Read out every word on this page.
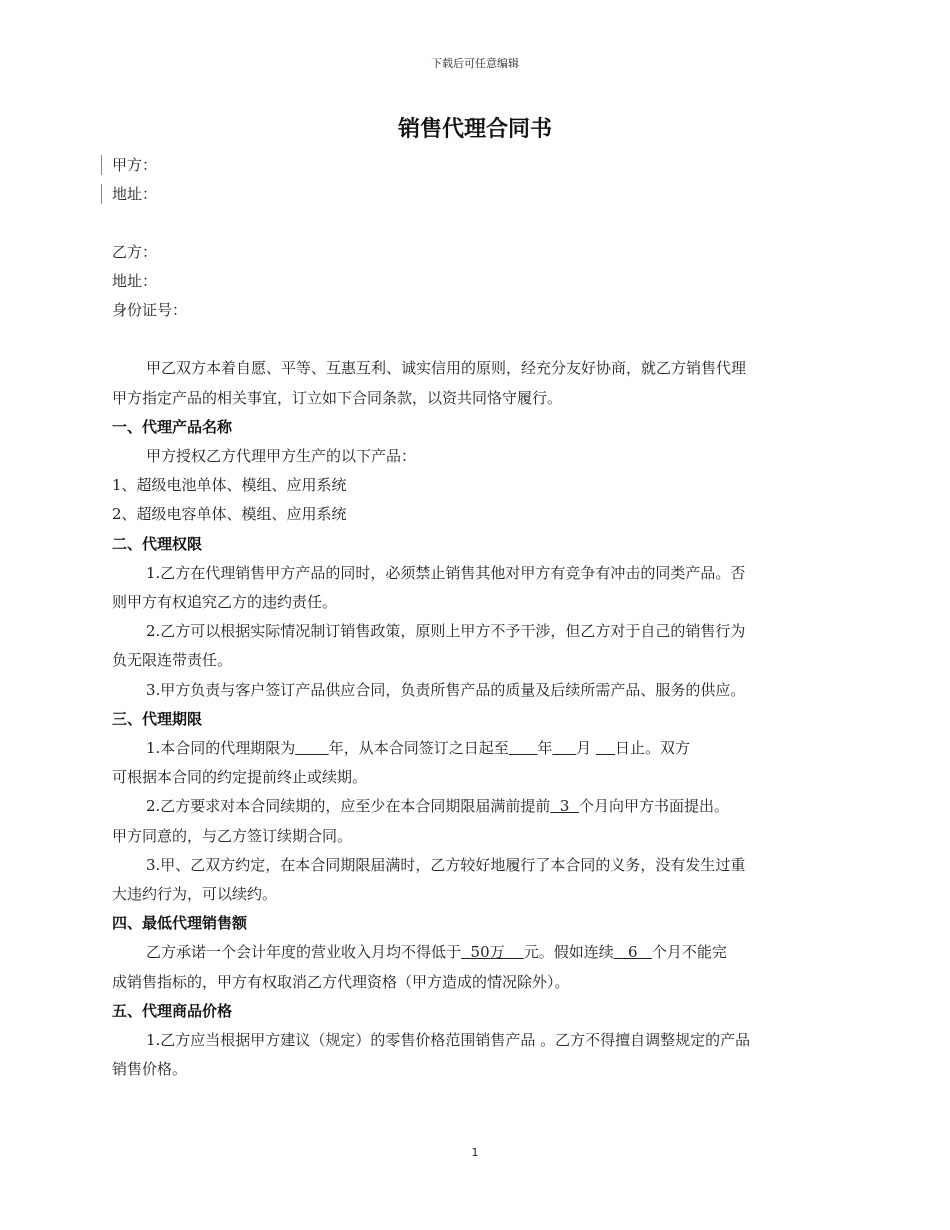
下载后可任意编辑
销售代理合同书
甲方：
地址：
乙方：
地址：
身份证号：
甲乙双方本着自愿、平等、互惠互利、诚实信用的原则，经充分友好协商，就乙方销售代理
甲方指定产品的相关事宜，订立如下合同条款，以资共同恪守履行。
一、代理产品名称
甲方授权乙方代理甲方生产的以下产品：
1、超级电池单体、模组、应用系统
2、超级电容单体、模组、应用系统
二、代理权限
1.乙方在代理销售甲方产品的同时，必须禁止销售其他对甲方有竞争有冲击的同类产品。否
则甲方有权追究乙方的违约责任。
2.乙方可以根据实际情况制订销售政策，原则上甲方不予干涉，但乙方对于自己的销售行为
负无限连带责任。
3.甲方负责与客户签订产品供应合同，负责所售产品的质量及后续所需产品、服务的供应。
三、代理期限
1.本合同的代理期限为 年，从本合同签订之日起至 年 月     日止。双方
可根据本合同的约定提前终止或续期。
2.乙方要求对本合同续期的，应至少在本合同期限届满前提前  3  个月向甲方书面提出。
甲方同意的，与乙方签订续期合同。
3.甲、乙双方约定，在本合同期限届满时，乙方较好地履行了本合同的义务，没有发生过重
大违约行为，可以续约。
四、最低代理销售额
乙方承诺一个会计年度的营业收入月均不得低于  50万    元。假如连续   6   个月不能完
成销售指标的，甲方有权取消乙方代理资格（甲方造成的情况除外）。
五、代理商品价格
1.乙方应当根据甲方建议（规定）的零售价格范围销售产品 。乙方不得擅自调整规定的产品
销售价格。
1
